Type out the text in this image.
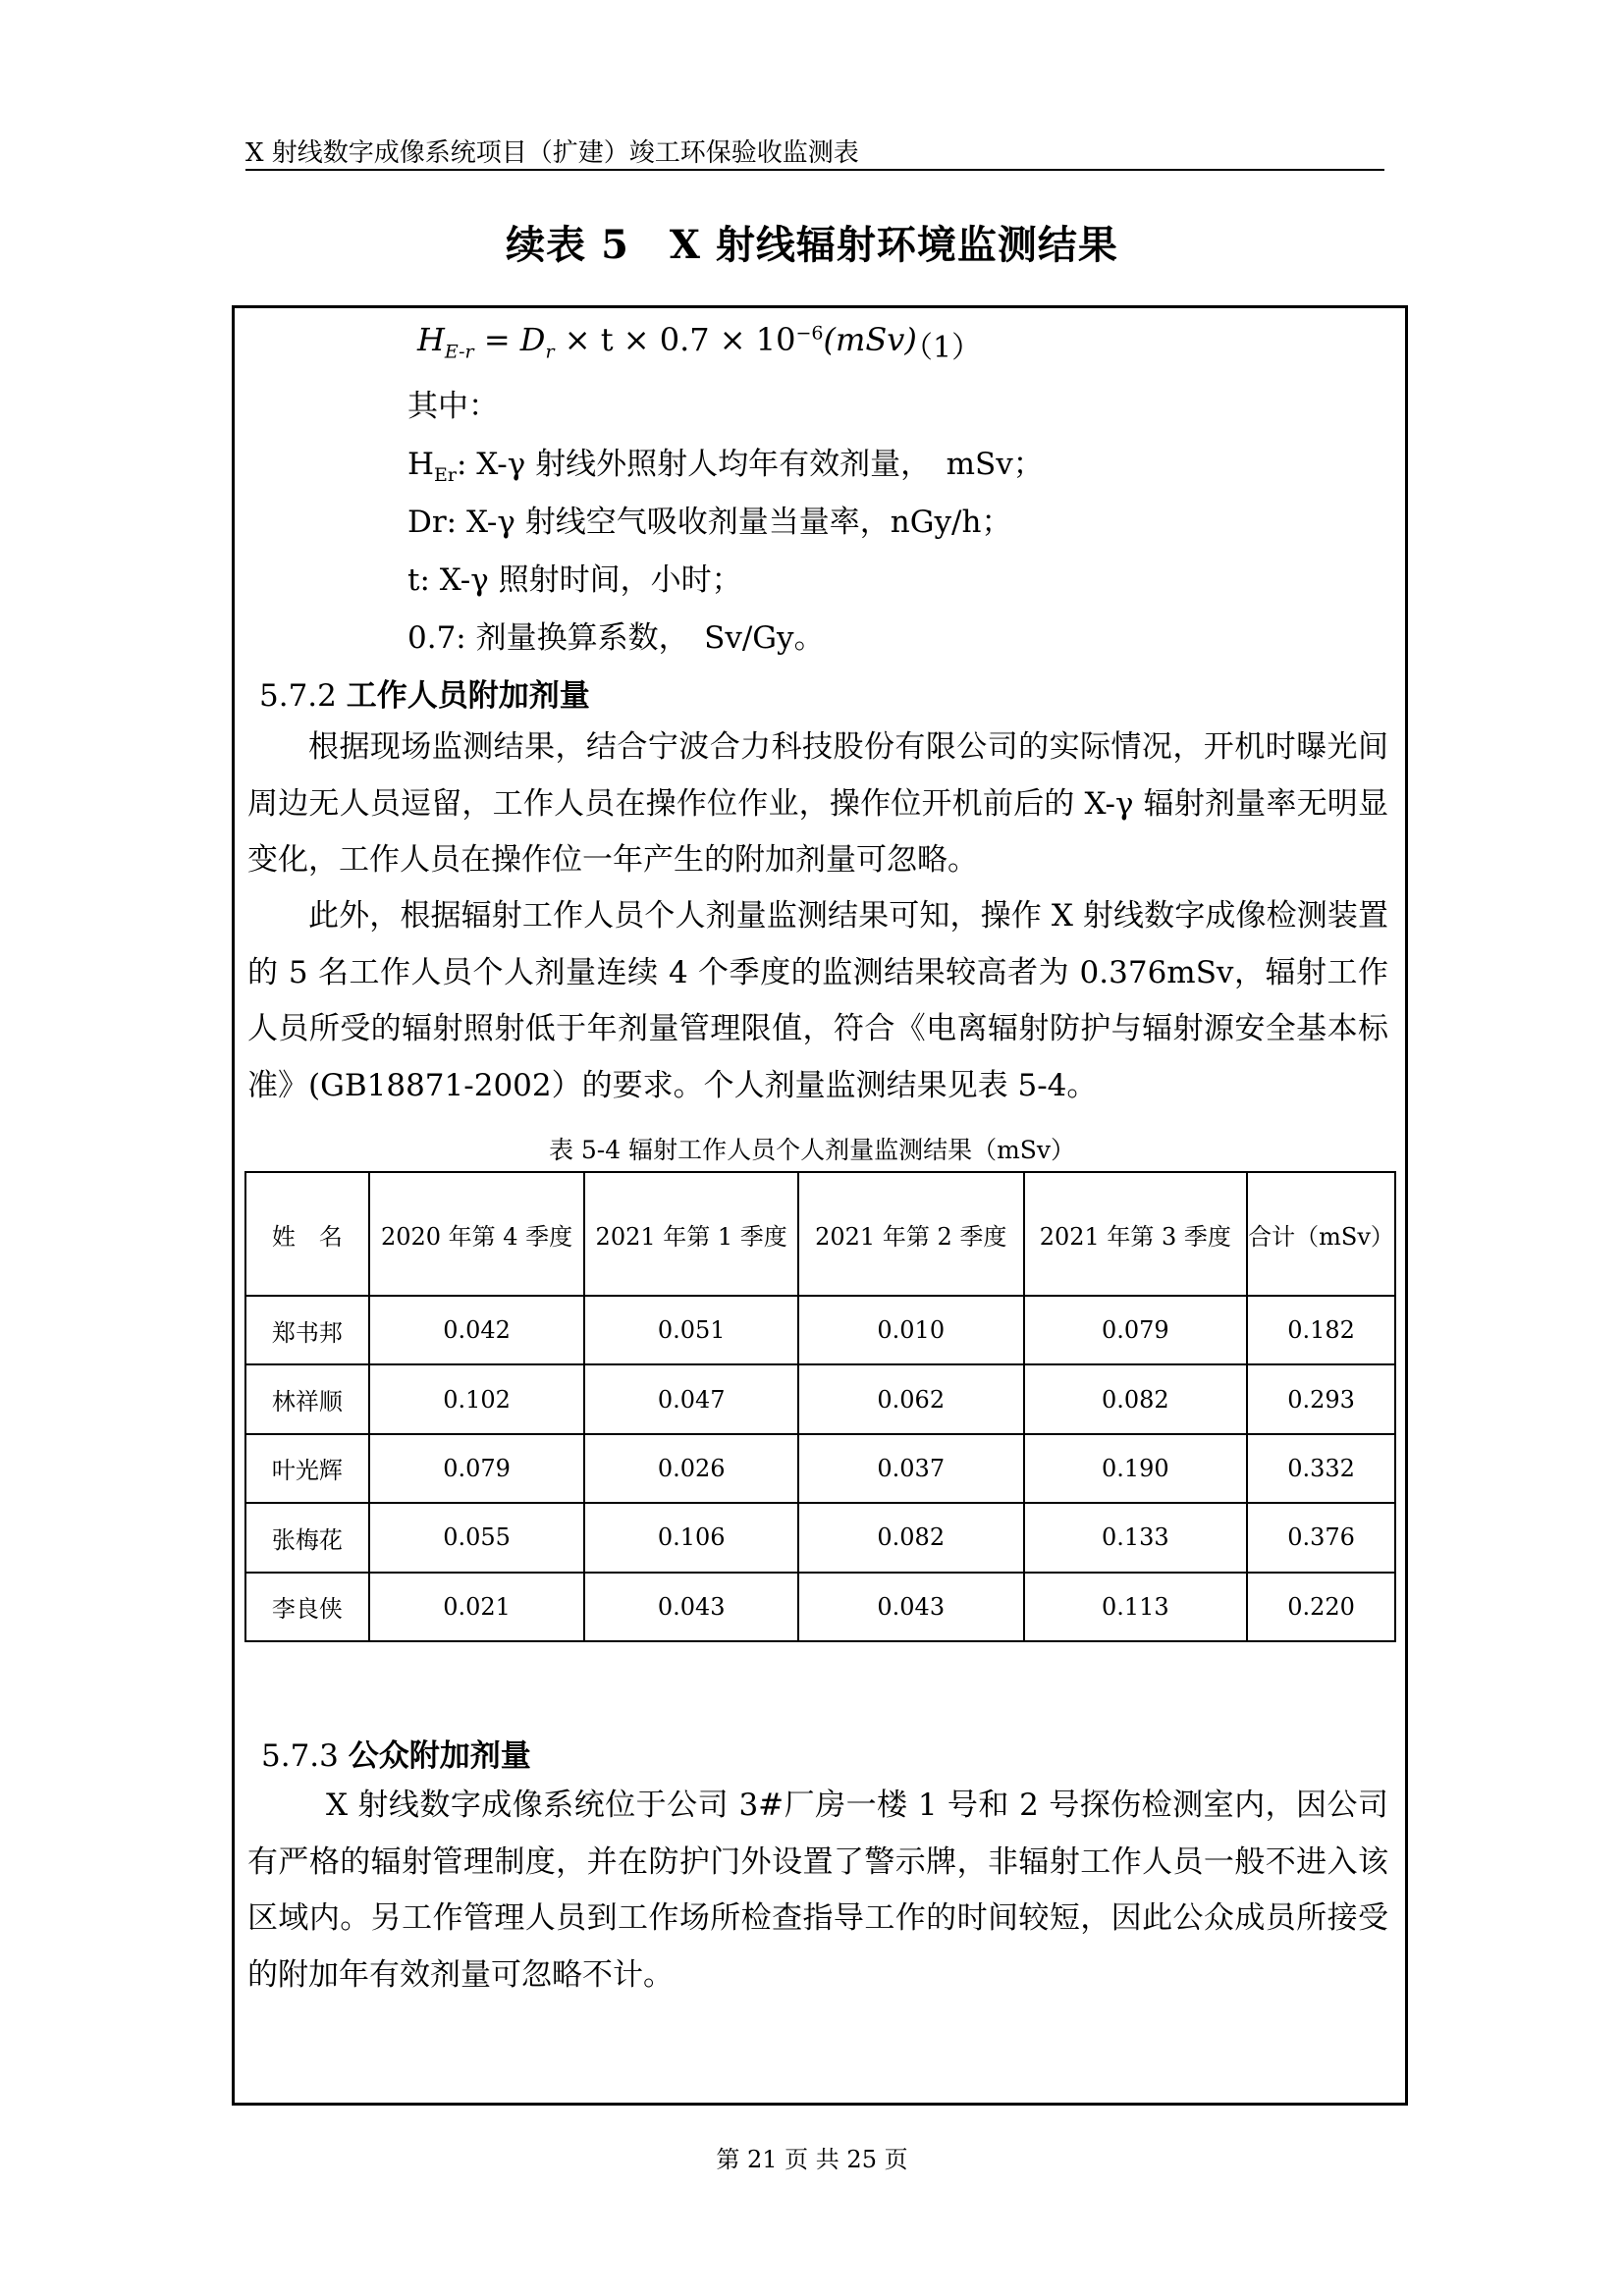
X 射线数字成像系统项目（扩建）竣工环保验收监测表
续表 5　X 射线辐射环境监测结果
$H_{E-r} = D_r \times t \times 0.7 \times 10^{-6}(mSv)$
（1）
其中：
$H_{Er}$: X-γ 射线外照射人均年有效剂量，　mSv；
Dr: X-γ 射线空气吸收剂量当量率，nGy/h；
t: X-γ 照射时间，小时；
0.7: 剂量换算系数，　Sv/Gy。
5.7.2 工作人员附加剂量
根据现场监测结果，结合宁波合力科技股份有限公司的实际情况，开机时曝光间周边无人员逗留，工作人员在操作位作业，操作位开机前后的 X-γ 辐射剂量率无明显变化，工作人员在操作位一年产生的附加剂量可忽略。
此外，根据辐射工作人员个人剂量监测结果可知，操作 X 射线数字成像检测装置的 5 名工作人员个人剂量连续 4 个季度的监测结果较高者为 0.376mSv，辐射工作人员所受的辐射照射低于年剂量管理限值，符合《电离辐射防护与辐射源安全基本标准》(GB18871-2002）的要求。个人剂量监测结果见表 5-4。
表 5-4 辐射工作人员个人剂量监测结果（mSv）
姓　名	2020 年第 4 季度	2021 年第 1 季度	2021 年第 2 季度	2021 年第 3 季度	合计（mSv）
郑书邦	0.042	0.051	0.010	0.079	0.182
林祥顺	0.102	0.047	0.062	0.082	0.293
叶光辉	0.079	0.026	0.037	0.190	0.332
张梅花	0.055	0.106	0.082	0.133	0.376
李良侠	0.021	0.043	0.043	0.113	0.220
5.7.3 公众附加剂量
X 射线数字成像系统位于公司 3#厂房一楼 1 号和 2 号探伤检测室内，因公司有严格的辐射管理制度，并在防护门外设置了警示牌，非辐射工作人员一般不进入该区域内。另工作管理人员到工作场所检查指导工作的时间较短，因此公众成员所接受的附加年有效剂量可忽略不计。
第 21 页 共 25 页
